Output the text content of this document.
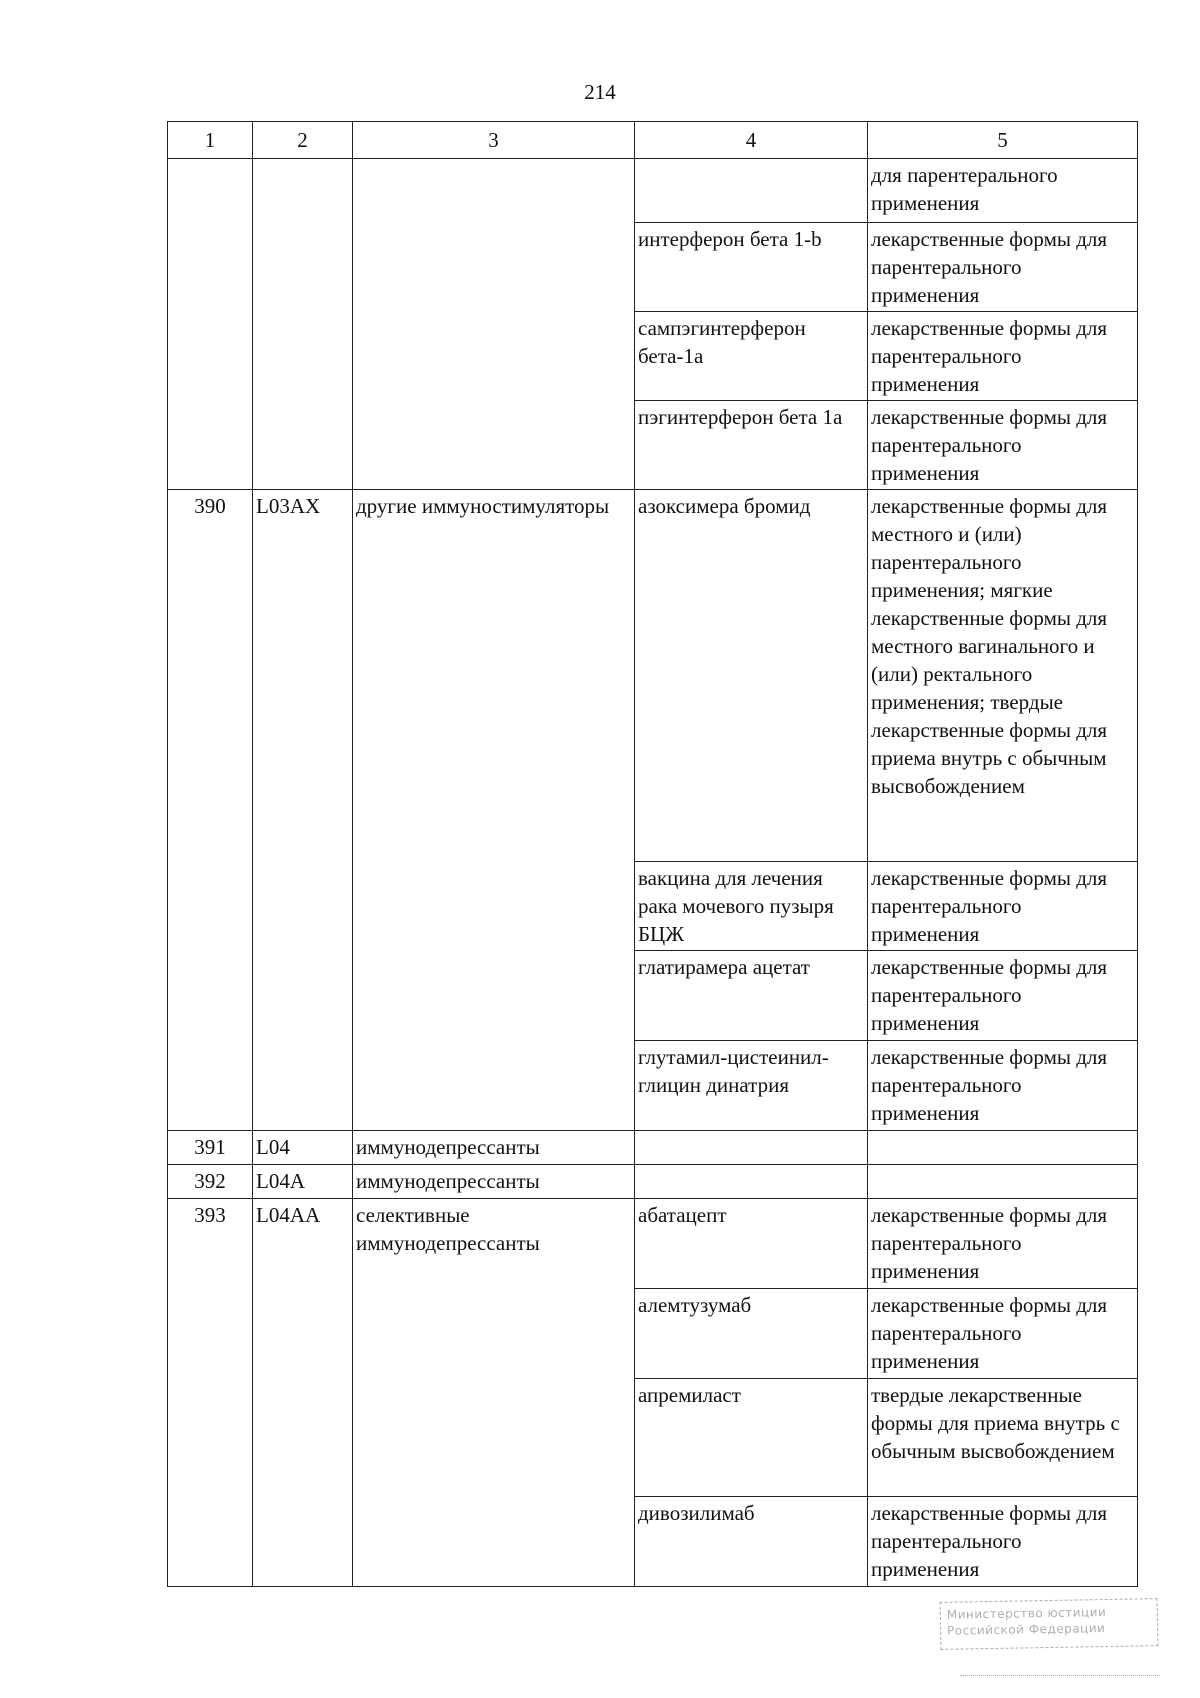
214
1	2	3	4	5
				для парентерального применения
			интерферон бета 1-b	лекарственные формы для парентерального применения
			сампэгинтерферон бета-1a	лекарственные формы для парентерального применения
			пэгинтерферон бета 1a	лекарственные формы для парентерального применения
390	L03AX	другие иммуностимуляторы	азоксимера бромид	лекарственные формы для местного и (или) парентерального применения; мягкие лекарственные формы для местного вагинального и (или) ректального применения; твердые лекарственные формы для приема внутрь с обычным высвобождением
			вакцина для лечения рака мочевого пузыря БЦЖ	лекарственные формы для парентерального применения
			глатирамера ацетат	лекарственные формы для парентерального применения
			глутамил-цистеинил-глицин динатрия	лекарственные формы для парентерального применения
391	L04	иммунодепрессанты		
392	L04A	иммунодепрессанты		
393	L04AA	селективные иммунодепрессанты	абатацепт	лекарственные формы для парентерального применения
			алемтузумаб	лекарственные формы для парентерального применения
			апремиласт	твердые лекарственные формы для приема внутрь с обычным высвобождением
			дивозилимаб	лекарственные формы для парентерального применения
Министерство юстиции Российской Федерации
